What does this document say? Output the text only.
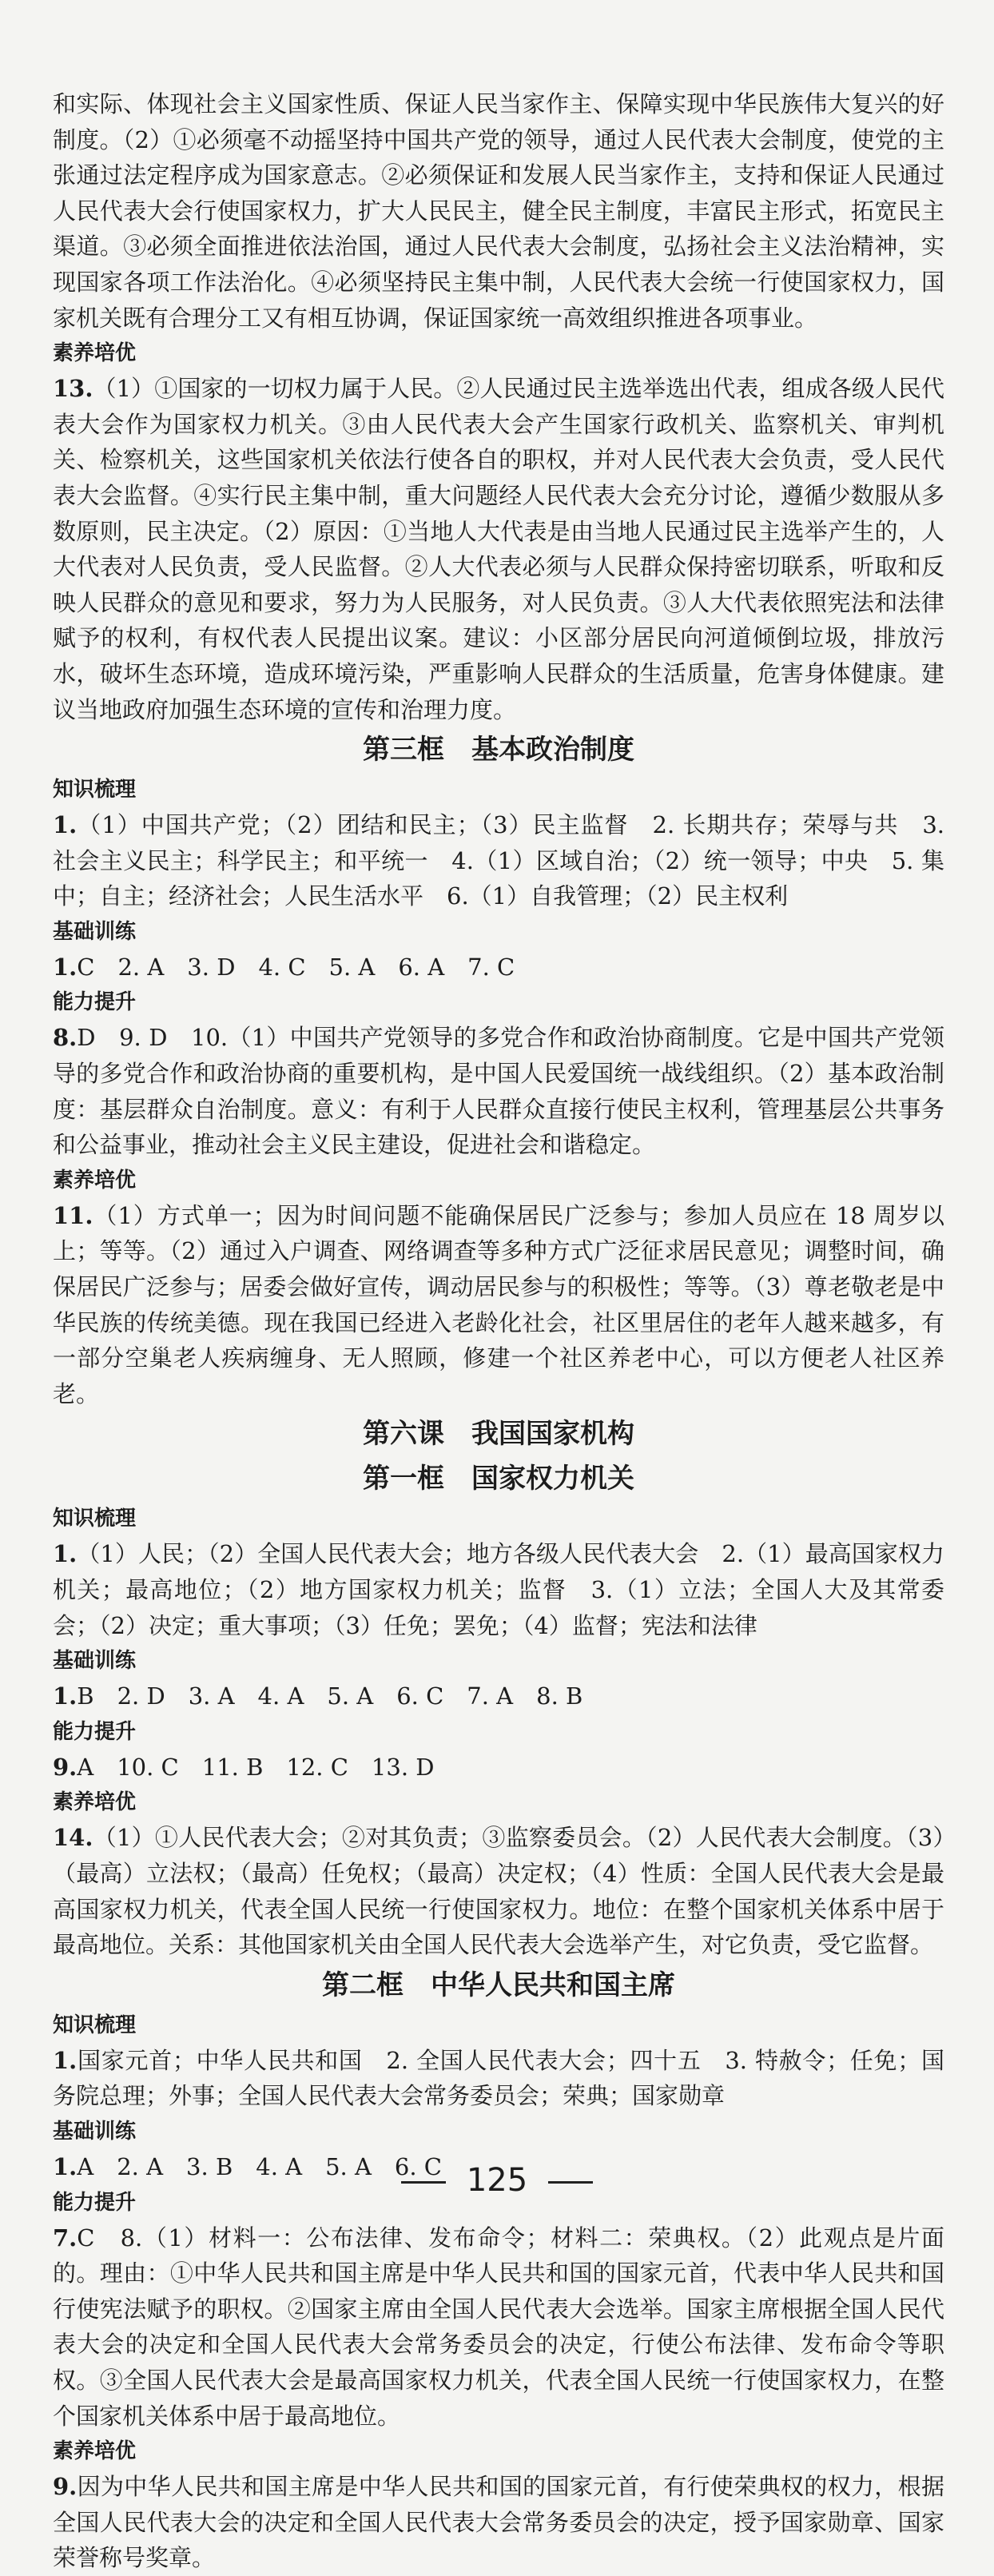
和实际、体现社会主义国家性质、保证人民当家作主、保障实现中华民族伟大复兴的好制度。（2）①必须毫不动摇坚持中国共产党的领导，通过人民代表大会制度，使党的主张通过法定程序成为国家意志。②必须保证和发展人民当家作主，支持和保证人民通过人民代表大会行使国家权力，扩大人民民主，健全民主制度，丰富民主形式，拓宽民主渠道。③必须全面推进依法治国，通过人民代表大会制度，弘扬社会主义法治精神，实现国家各项工作法治化。④必须坚持民主集中制，人民代表大会统一行使国家权力，国家机关既有合理分工又有相互协调，保证国家统一高效组织推进各项事业。

素养培优

13.（1）①国家的一切权力属于人民。②人民通过民主选举选出代表，组成各级人民代表大会作为国家权力机关。③由人民代表大会产生国家行政机关、监察机关、审判机关、检察机关，这些国家机关依法行使各自的职权，并对人民代表大会负责，受人民代表大会监督。④实行民主集中制，重大问题经人民代表大会充分讨论，遵循少数服从多数原则，民主决定。（2）原因：①当地人大代表是由当地人民通过民主选举产生的，人大代表对人民负责，受人民监督。②人大代表必须与人民群众保持密切联系，听取和反映人民群众的意见和要求，努力为人民服务，对人民负责。③人大代表依照宪法和法律赋予的权利，有权代表人民提出议案。建议：小区部分居民向河道倾倒垃圾，排放污水，破坏生态环境，造成环境污染，严重影响人民群众的生活质量，危害身体健康。建议当地政府加强生态环境的宣传和治理力度。

第三框　基本政治制度

知识梳理

1.（1）中国共产党；（2）团结和民主；（3）民主监督　2. 长期共存；荣辱与共　3. 社会主义民主；科学民主；和平统一　4.（1）区域自治；（2）统一领导；中央　5. 集中；自主；经济社会；人民生活水平　6.（1）自我管理；（2）民主权利

基础训练

1.C　2. A　3. D　4. C　5. A　6. A　7. C

能力提升

8.D　9. D　10.（1）中国共产党领导的多党合作和政治协商制度。它是中国共产党领导的多党合作和政治协商的重要机构，是中国人民爱国统一战线组织。（2）基本政治制度：基层群众自治制度。意义：有利于人民群众直接行使民主权利，管理基层公共事务和公益事业，推动社会主义民主建设，促进社会和谐稳定。

素养培优

11.（1）方式单一；因为时间问题不能确保居民广泛参与；参加人员应在 18 周岁以上；等等。（2）通过入户调查、网络调查等多种方式广泛征求居民意见；调整时间，确保居民广泛参与；居委会做好宣传，调动居民参与的积极性；等等。（3）尊老敬老是中华民族的传统美德。现在我国已经进入老龄化社会，社区里居住的老年人越来越多，有一部分空巢老人疾病缠身、无人照顾，修建一个社区养老中心，可以方便老人社区养老。

第六课　我国国家机构

第一框　国家权力机关

知识梳理

1.（1）人民；（2）全国人民代表大会；地方各级人民代表大会　2.（1）最高国家权力机关；最高地位；（2）地方国家权力机关；监督　3.（1）立法；全国人大及其常委会；（2）决定；重大事项；（3）任免；罢免；（4）监督；宪法和法律

基础训练

1.B　2. D　3. A　4. A　5. A　6. C　7. A　8. B

能力提升

9.A　10. C　11. B　12. C　13. D

素养培优

14.（1）①人民代表大会；②对其负责；③监察委员会。（2）人民代表大会制度。（3）（最高）立法权；（最高）任免权；（最高）决定权；（4）性质：全国人民代表大会是最高国家权力机关，代表全国人民统一行使国家权力。地位：在整个国家机关体系中居于最高地位。关系：其他国家机关由全国人民代表大会选举产生，对它负责，受它监督。

第二框　中华人民共和国主席

知识梳理

1.国家元首；中华人民共和国　2. 全国人民代表大会；四十五　3. 特赦令；任免；国务院总理；外事；全国人民代表大会常务委员会；荣典；国家勋章

基础训练

1.A　2. A　3. B　4. A　5. A　6. C

能力提升

7.C　8.（1）材料一：公布法律、发布命令；材料二：荣典权。（2）此观点是片面的。理由：①中华人民共和国主席是中华人民共和国的国家元首，代表中华人民共和国行使宪法赋予的职权。②国家主席由全国人民代表大会选举。国家主席根据全国人民代表大会的决定和全国人民代表大会常务委员会的决定，行使公布法律、发布命令等职权。③全国人民代表大会是最高国家权力机关，代表全国人民统一行使国家权力，在整个国家机关体系中居于最高地位。

素养培优

9.因为中华人民共和国主席是中华人民共和国的国家元首，有行使荣典权的权力，根据全国人民代表大会的决定和全国人民代表大会常务委员会的决定，授予国家勋章、国家荣誉称号奖章。

125
